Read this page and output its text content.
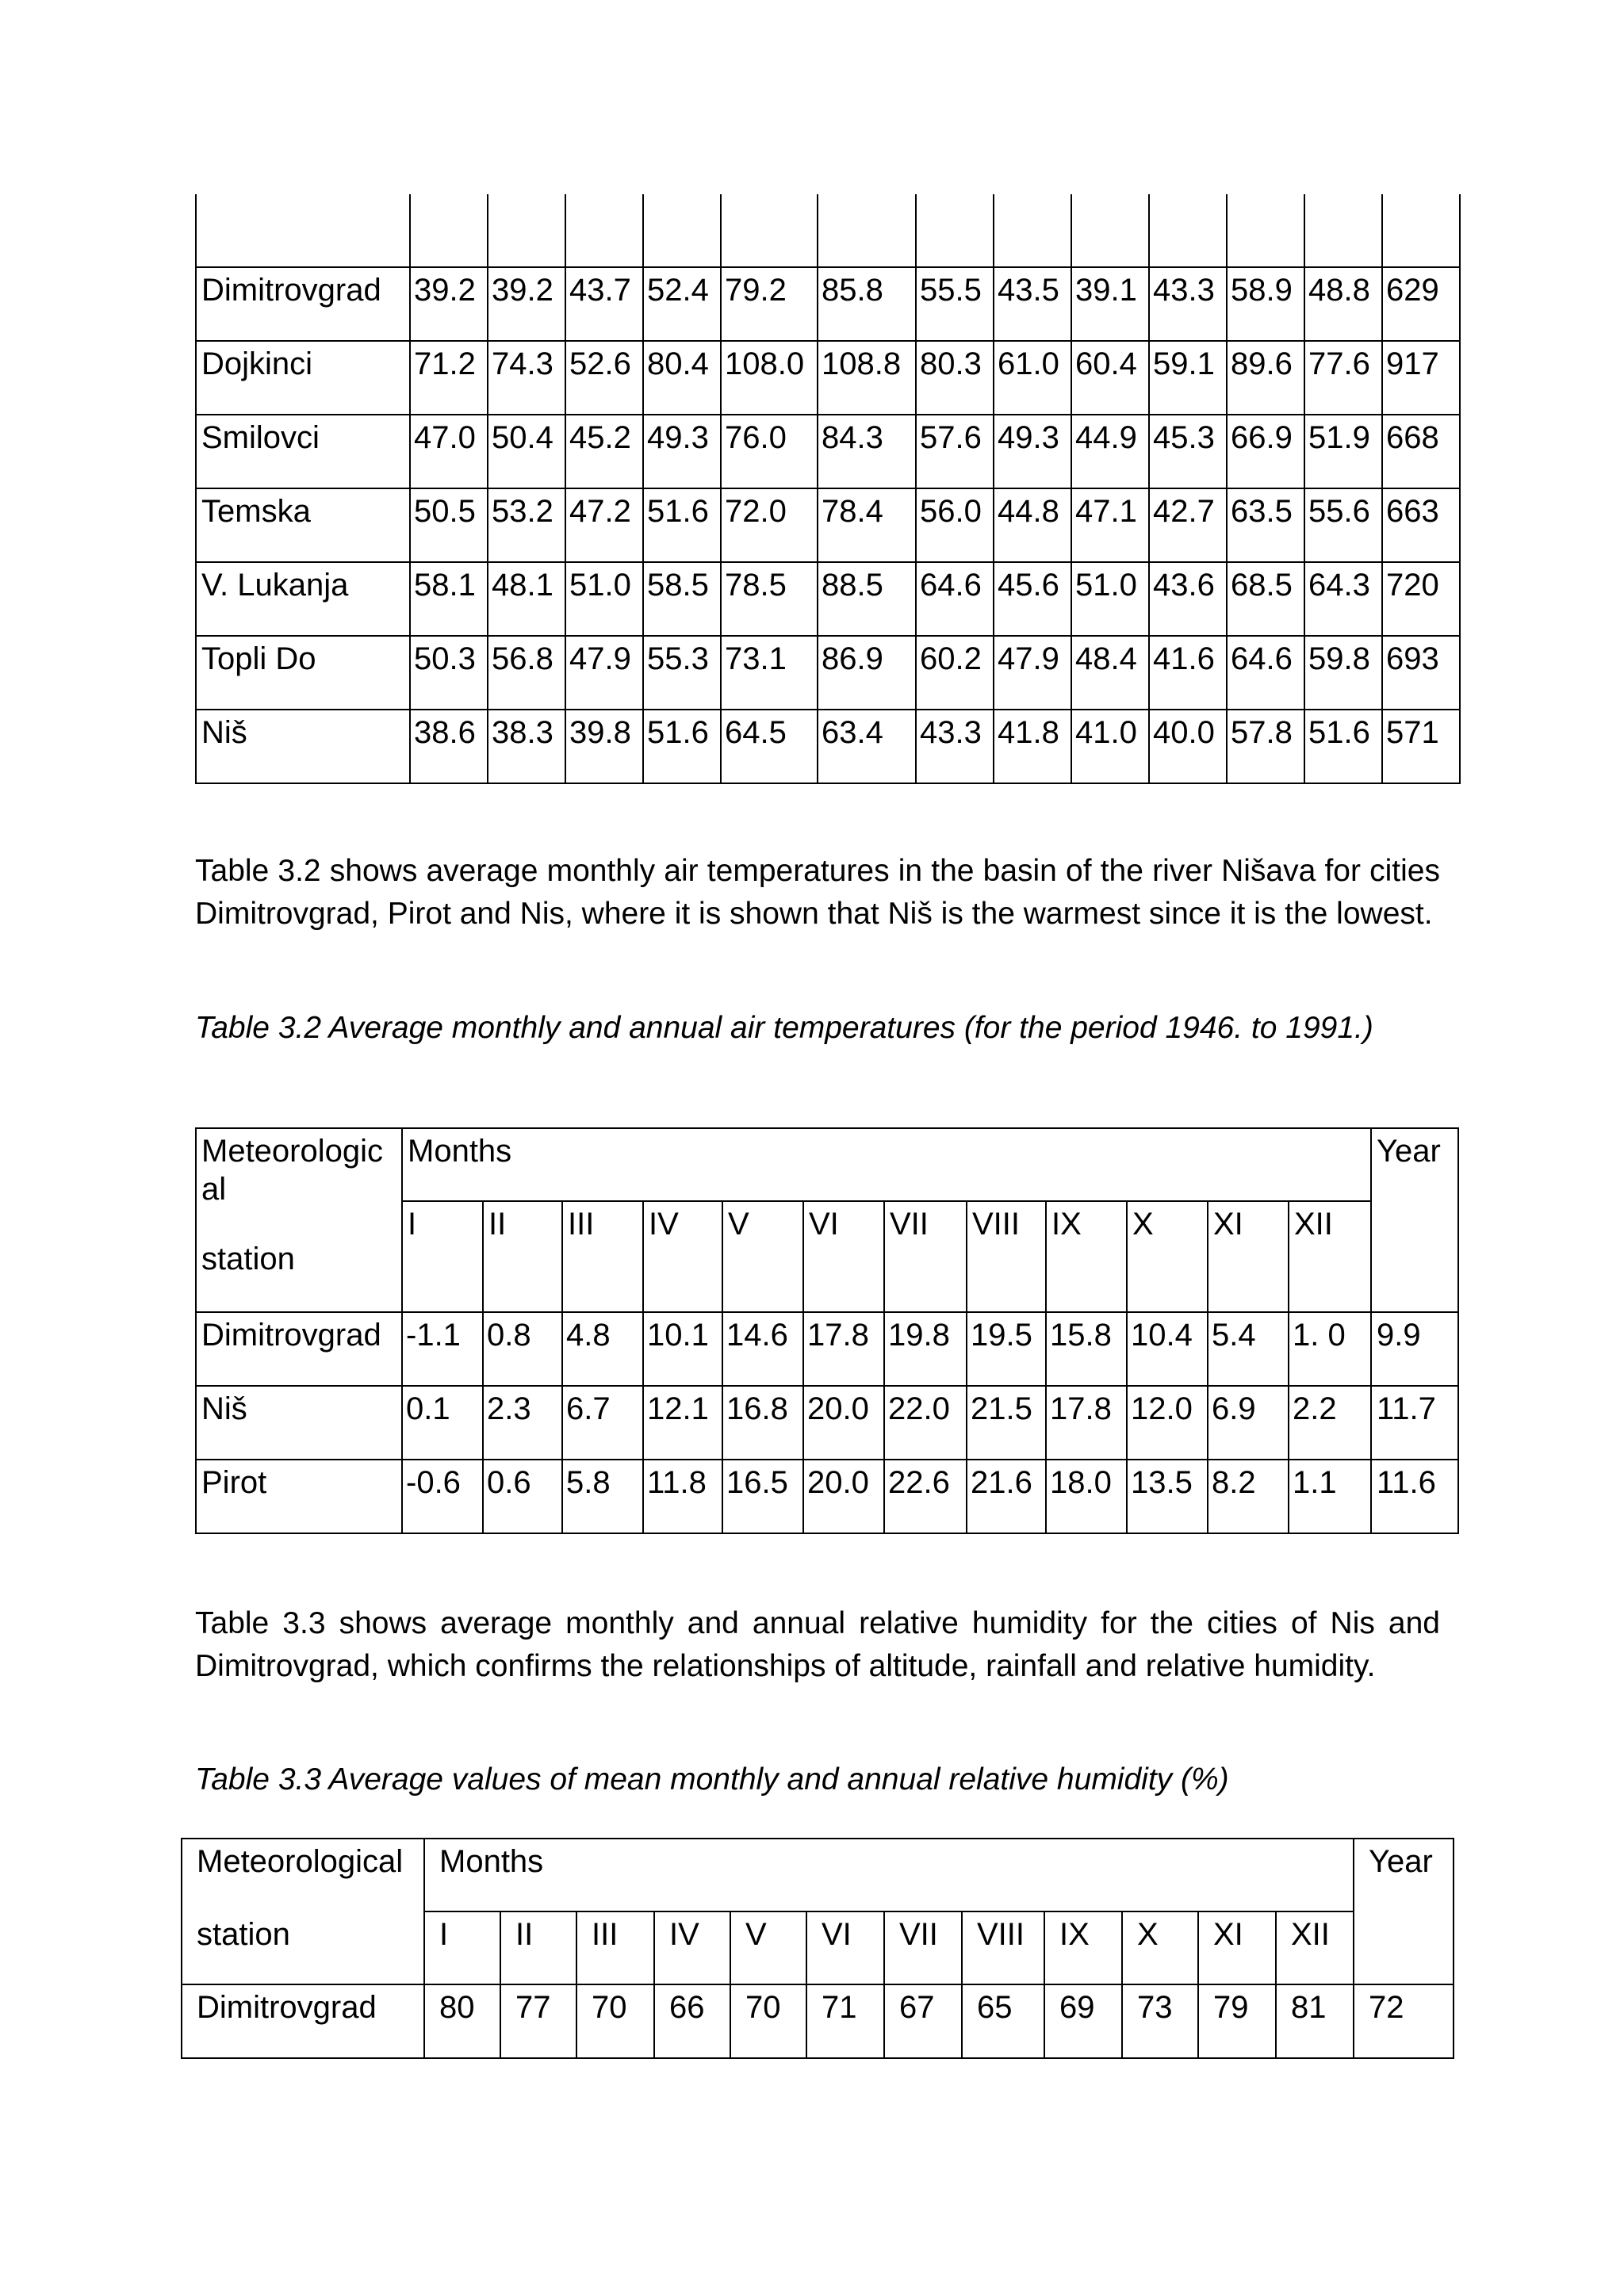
Dimitrovgrad	39.2	39.2	43.7	52.4	79.2	85.8	55.5	43.5	39.1	43.3	58.9	48.8	629
Dojkinci	71.2	74.3	52.6	80.4	108.0	108.8	80.3	61.0	60.4	59.1	89.6	77.6	917
Smilovci	47.0	50.4	45.2	49.3	76.0	84.3	57.6	49.3	44.9	45.3	66.9	51.9	668
Temska	50.5	53.2	47.2	51.6	72.0	78.4	56.0	44.8	47.1	42.7	63.5	55.6	663
V. Lukanja	58.1	48.1	51.0	58.5	78.5	88.5	64.6	45.6	51.0	43.6	68.5	64.3	720
Topli Do	50.3	56.8	47.9	55.3	73.1	86.9	60.2	47.9	48.4	41.6	64.6	59.8	693
Niš	38.6	38.3	39.8	51.6	64.5	63.4	43.3	41.8	41.0	40.0	57.8	51.6	571

Table 3.2 shows average monthly air temperatures in the basin of the river Nišava for cities Dimitrovgrad, Pirot and Nis, where it is shown that Niš is the warmest since it is the lowest.

Table 3.2 Average monthly and annual air temperatures (for the period 1946. to 1991.)

Meteorologic
al
station	Months												Year
	I	II	III	IV	V	VI	VII	VIII	IX	X	XI	XII	
Dimitrovgrad	-1.1	0.8	4.8	10.1	14.6	17.8	19.8	19.5	15.8	10.4	5.4	1. 0	9.9
Niš	0.1	2.3	6.7	12.1	16.8	20.0	22.0	21.5	17.8	12.0	6.9	2.2	11.7
Pirot	-0.6	0.6	5.8	11.8	16.5	20.0	22.6	21.6	18.0	13.5	8.2	1.1	11.6

Table 3.3 shows average monthly and annual relative humidity for the cities of Nis and Dimitrovgrad, which confirms the relationships of altitude, rainfall and relative humidity.

Table 3.3 Average values of mean monthly and annual relative humidity (%)

Meteorological
station	Months												Year
	I	II	III	IV	V	VI	VII	VIII	IX	X	XI	XII	
Dimitrovgrad	80	77	70	66	70	71	67	65	69	73	79	81	72
